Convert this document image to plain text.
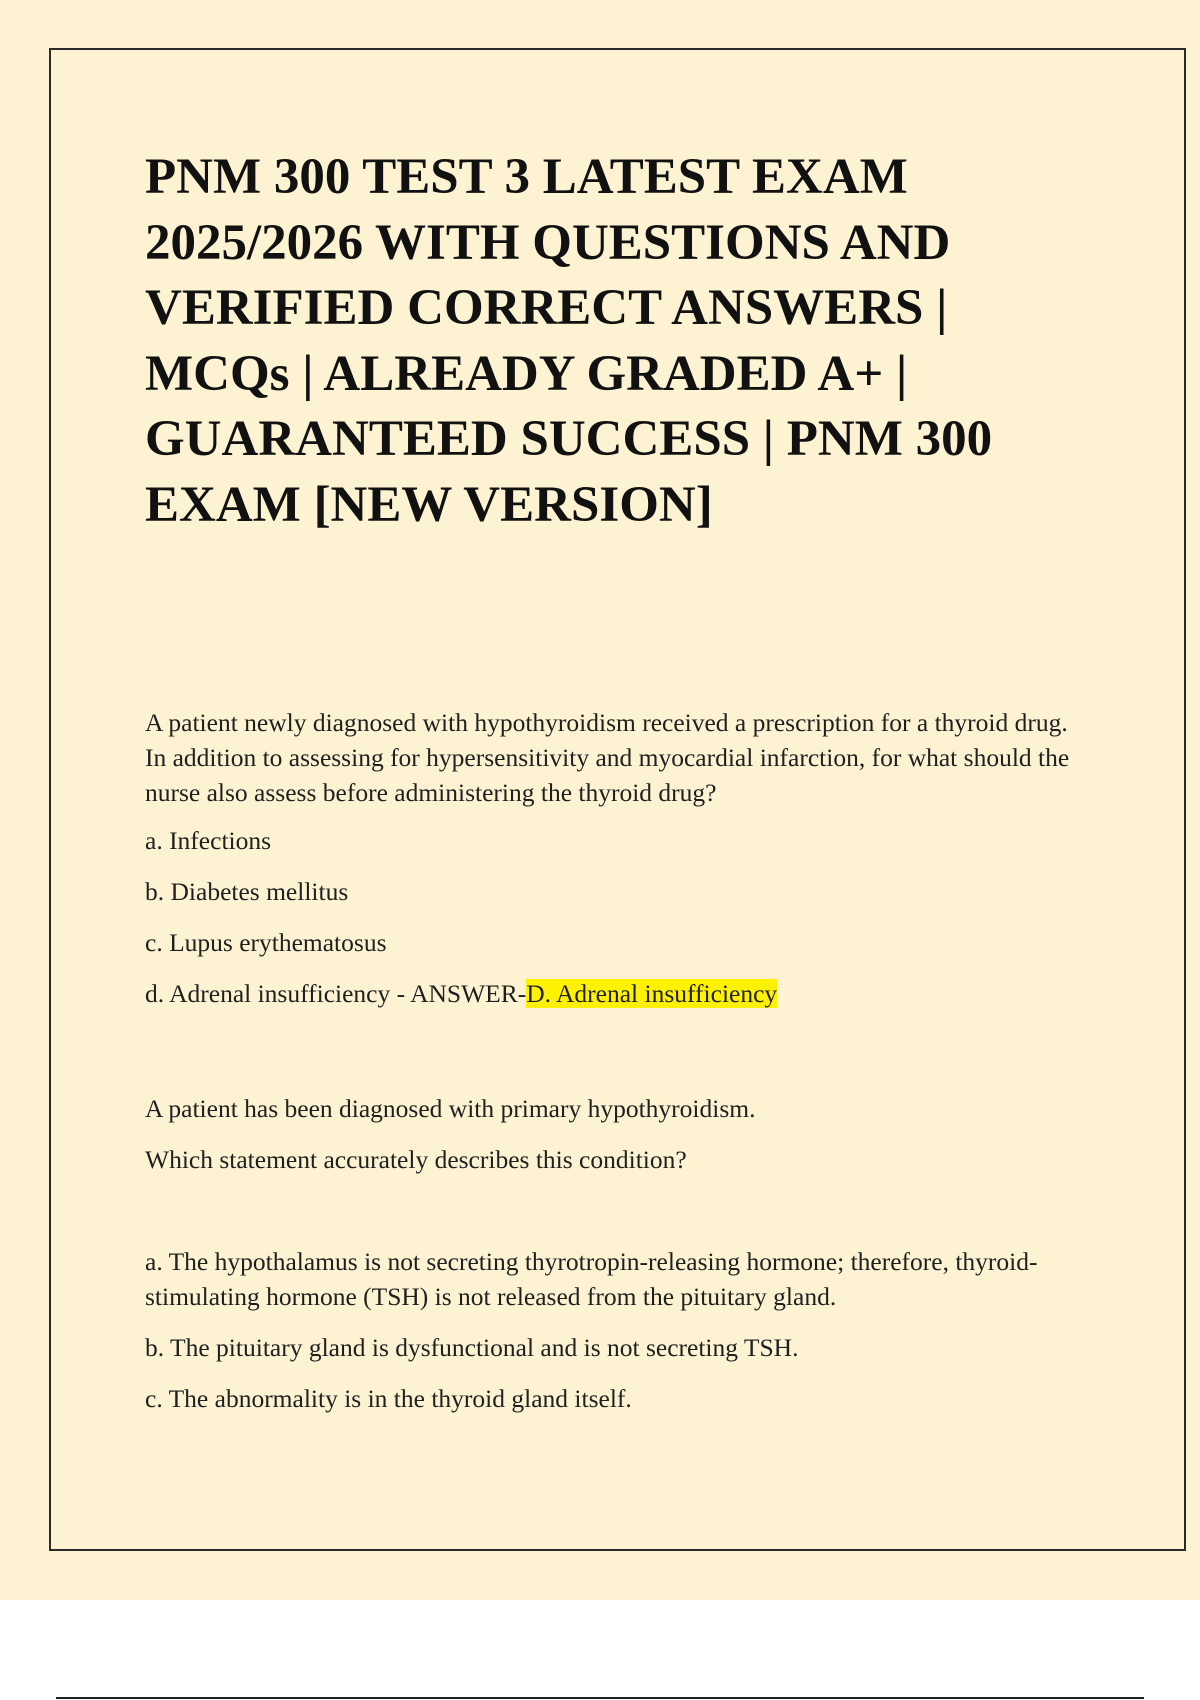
PNM 300 TEST 3 LATEST EXAM 2025/2026 WITH QUESTIONS AND VERIFIED CORRECT ANSWERS | MCQs | ALREADY GRADED A+ | GUARANTEED SUCCESS | PNM 300 EXAM [NEW VERSION]

A patient newly diagnosed with hypothyroidism received a prescription for a thyroid drug. In addition to assessing for hypersensitivity and myocardial infarction, for what should the nurse also assess before administering the thyroid drug?

a. Infections

b. Diabetes mellitus

c. Lupus erythematosus

d. Adrenal insufficiency - ANSWER-D. Adrenal insufficiency

A patient has been diagnosed with primary hypothyroidism.

Which statement accurately describes this condition?

a. The hypothalamus is not secreting thyrotropin-releasing hormone; therefore, thyroid-stimulating hormone (TSH) is not released from the pituitary gland.

b. The pituitary gland is dysfunctional and is not secreting TSH.

c. The abnormality is in the thyroid gland itself.
